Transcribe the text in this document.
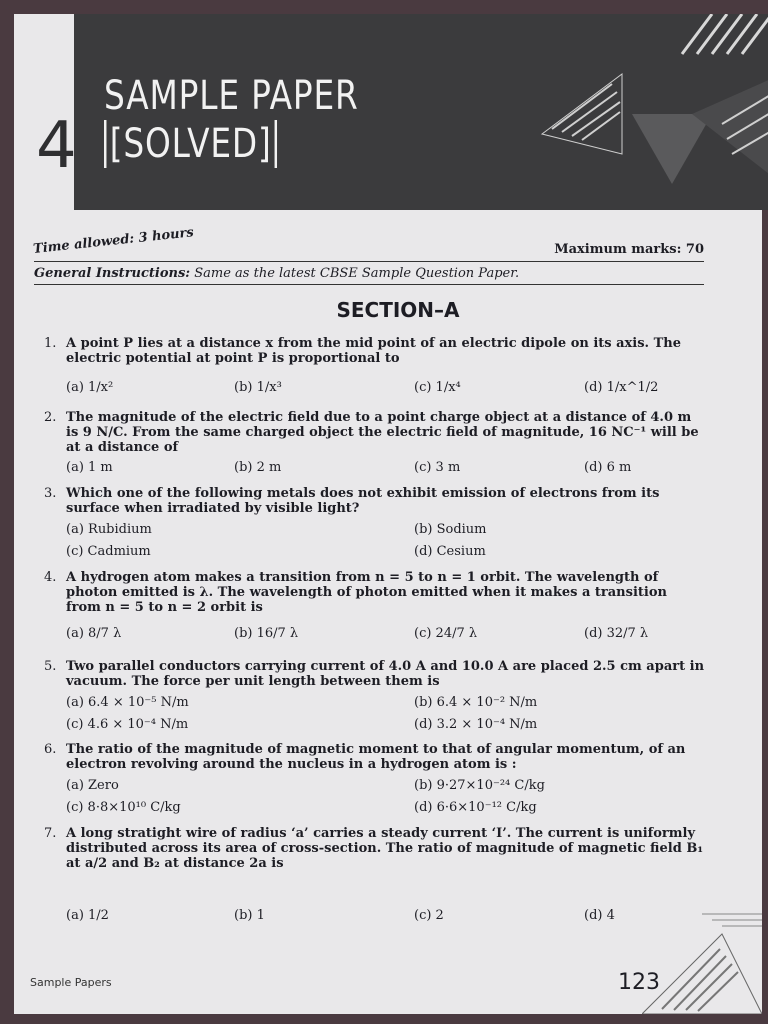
4
SAMPLE PAPER
[SOLVED]
Time allowed: 3 hours	Maximum marks: 70
General Instructions: Same as the latest CBSE Sample Question Paper.
SECTION–A
1. A point P lies at a distance x from the mid point of an electric dipole on its axis. The electric potential at point P is proportional to
(a) 1/x²	(b) 1/x³	(c) 1/x⁴	(d) 1/x^1/2
2. The magnitude of the electric field due to a point charge object at a distance of 4.0 m is 9 N/C. From the same charged object the electric field of magnitude, 16 NC⁻¹ will be at a distance of
(a) 1 m	(b) 2 m	(c) 3 m	(d) 6 m
3. Which one of the following metals does not exhibit emission of electrons from its surface when irradiated by visible light?
(a) Rubidium	(b) Sodium
(c) Cadmium	(d) Cesium
4. A hydrogen atom makes a transition from n = 5 to n = 1 orbit. The wavelength of photon emitted is λ. The wavelength of photon emitted when it makes a transition from n = 5 to n = 2 orbit is
(a) 8/7 λ	(b) 16/7 λ	(c) 24/7 λ	(d) 32/7 λ
5. Two parallel conductors carrying current of 4.0 A and 10.0 A are placed 2.5 cm apart in vacuum. The force per unit length between them is
(a) 6.4 × 10⁻⁵ N/m	(b) 6.4 × 10⁻² N/m
(c) 4.6 × 10⁻⁴ N/m	(d) 3.2 × 10⁻⁴ N/m
6. The ratio of the magnitude of magnetic moment to that of angular momentum, of an electron revolving around the nucleus in a hydrogen atom is :
(a) Zero	(b) 9·27×10⁻²⁴ C/kg
(c) 8·8×10¹⁰ C/kg	(d) 6·6×10⁻¹² C/kg
7. A long stratight wire of radius ‘a’ carries a steady current ‘I’. The current is uniformly distributed across its area of cross-section. The ratio of magnitude of magnetic field B₁ at a/2 and B₂ at distance 2a is
(a) 1/2	(b) 1	(c) 2	(d) 4
Sample Papers	123
